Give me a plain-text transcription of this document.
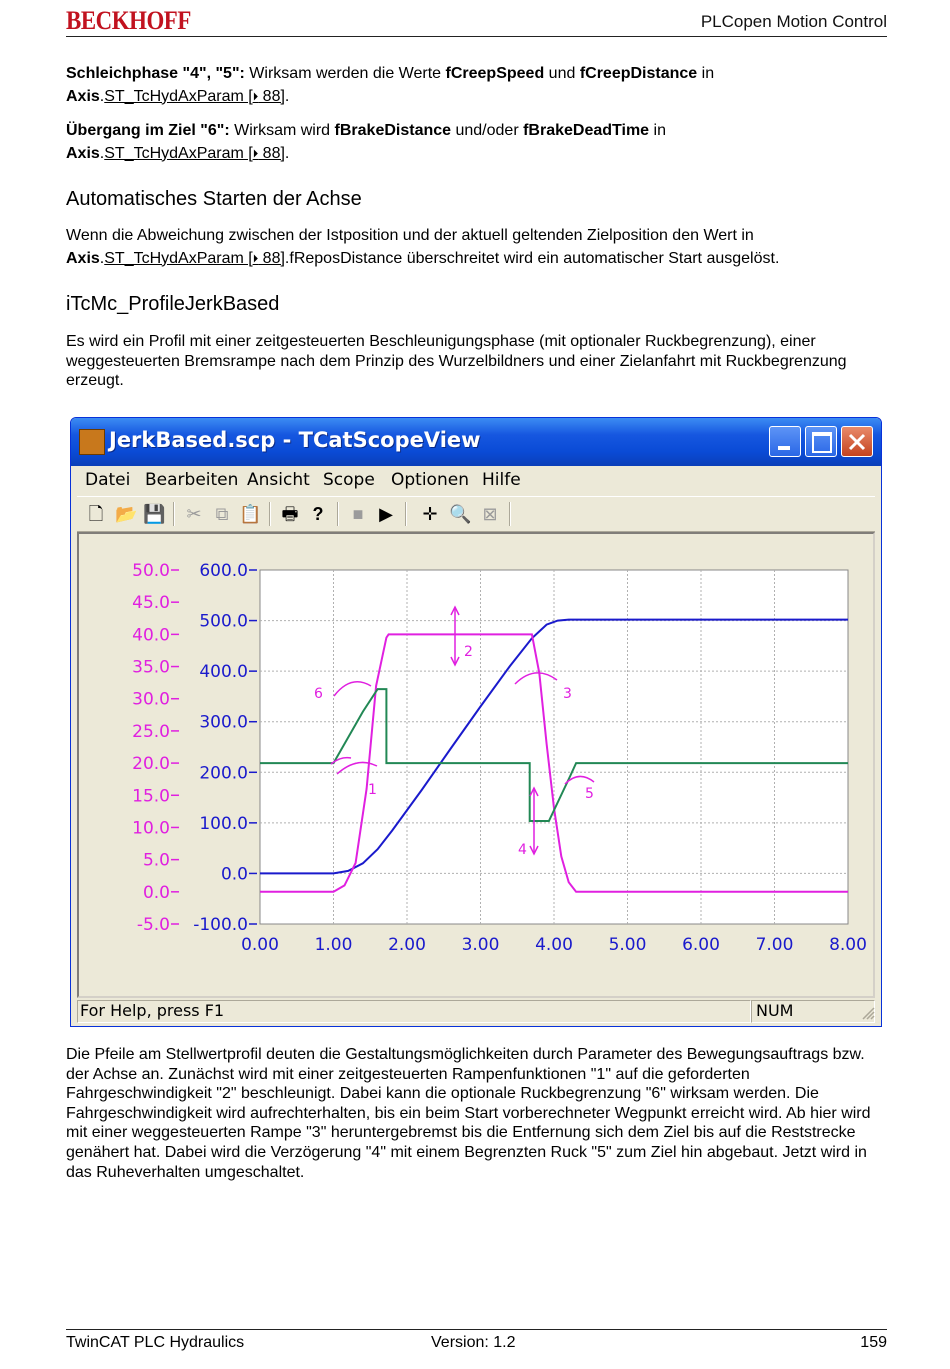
BECKHOFF	PLCopen Motion Control
Schleichphase "4", "5": Wirksam werden die Werte fCreepSpeed und fCreepDistance in
Axis.ST_TcHydAxParam [⏵ 88].
Übergang im Ziel "6": Wirksam wird fBrakeDistance und/oder fBrakeDeadTime in
Axis.ST_TcHydAxParam [⏵ 88].
Automatisches Starten der Achse
Wenn die Abweichung zwischen der Istposition und der aktuell geltenden Zielposition den Wert in
Axis.ST_TcHydAxParam [⏵ 88].fReposDistance überschreitet wird ein automatischer Start ausgelöst.
iTcMc_ProfileJerkBased
Es wird ein Profil mit einer zeitgesteuerten Beschleunigungsphase (mit optionaler Ruckbegrenzung), einer weggesteuerten Bremsrampe nach dem Prinzip des Wurzelbildners und einer Zielanfahrt mit Ruckbegrenzung erzeugt.
JerkBased.scp - TCatScopeView
Datei Bearbeiten Ansicht Scope Optionen Hilfe
🗋 📂 💾 ✂ ⧉ 📋 🖶 ?	■ ▶ ✛ 🔍 ⊠
0.00 1.00 2.00 3.00 4.00 5.00 6.00 7.00 8.00
600.0
500.0
400.0
300.0
200.0
100.0
0.0
-100.0
50.0
45.0
40.0
35.0
30.0
25.0
20.0
15.0
10.0
5.0
0.0
-5.0
1
2
3
4
5
6
For Help, press F1	NUM
Die Pfeile am Stellwertprofil deuten die Gestaltungsmöglichkeiten durch Parameter des Bewegungsauftrags bzw. der Achse an. Zunächst wird mit einer zeitgesteuerten Rampenfunktionen "1" auf die geforderten Fahrgeschwindigkeit "2" beschleunigt. Dabei kann die optionale Ruckbegrenzung "6" wirksam werden. Die Fahrgeschwindigkeit wird aufrechterhalten, bis ein beim Start vorberechneter Wegpunkt erreicht wird. Ab hier wird mit einer weggesteuerten Rampe "3" heruntergebremst bis die Entfernung sich dem Ziel bis auf die Reststrecke genähert hat. Dabei wird die Verzögerung "4" mit einem Begrenzten Ruck "5" zum Ziel hin abgebaut. Jetzt wird in das Ruheverhalten umgeschaltet.
TwinCAT PLC Hydraulics	Version: 1.2	159
